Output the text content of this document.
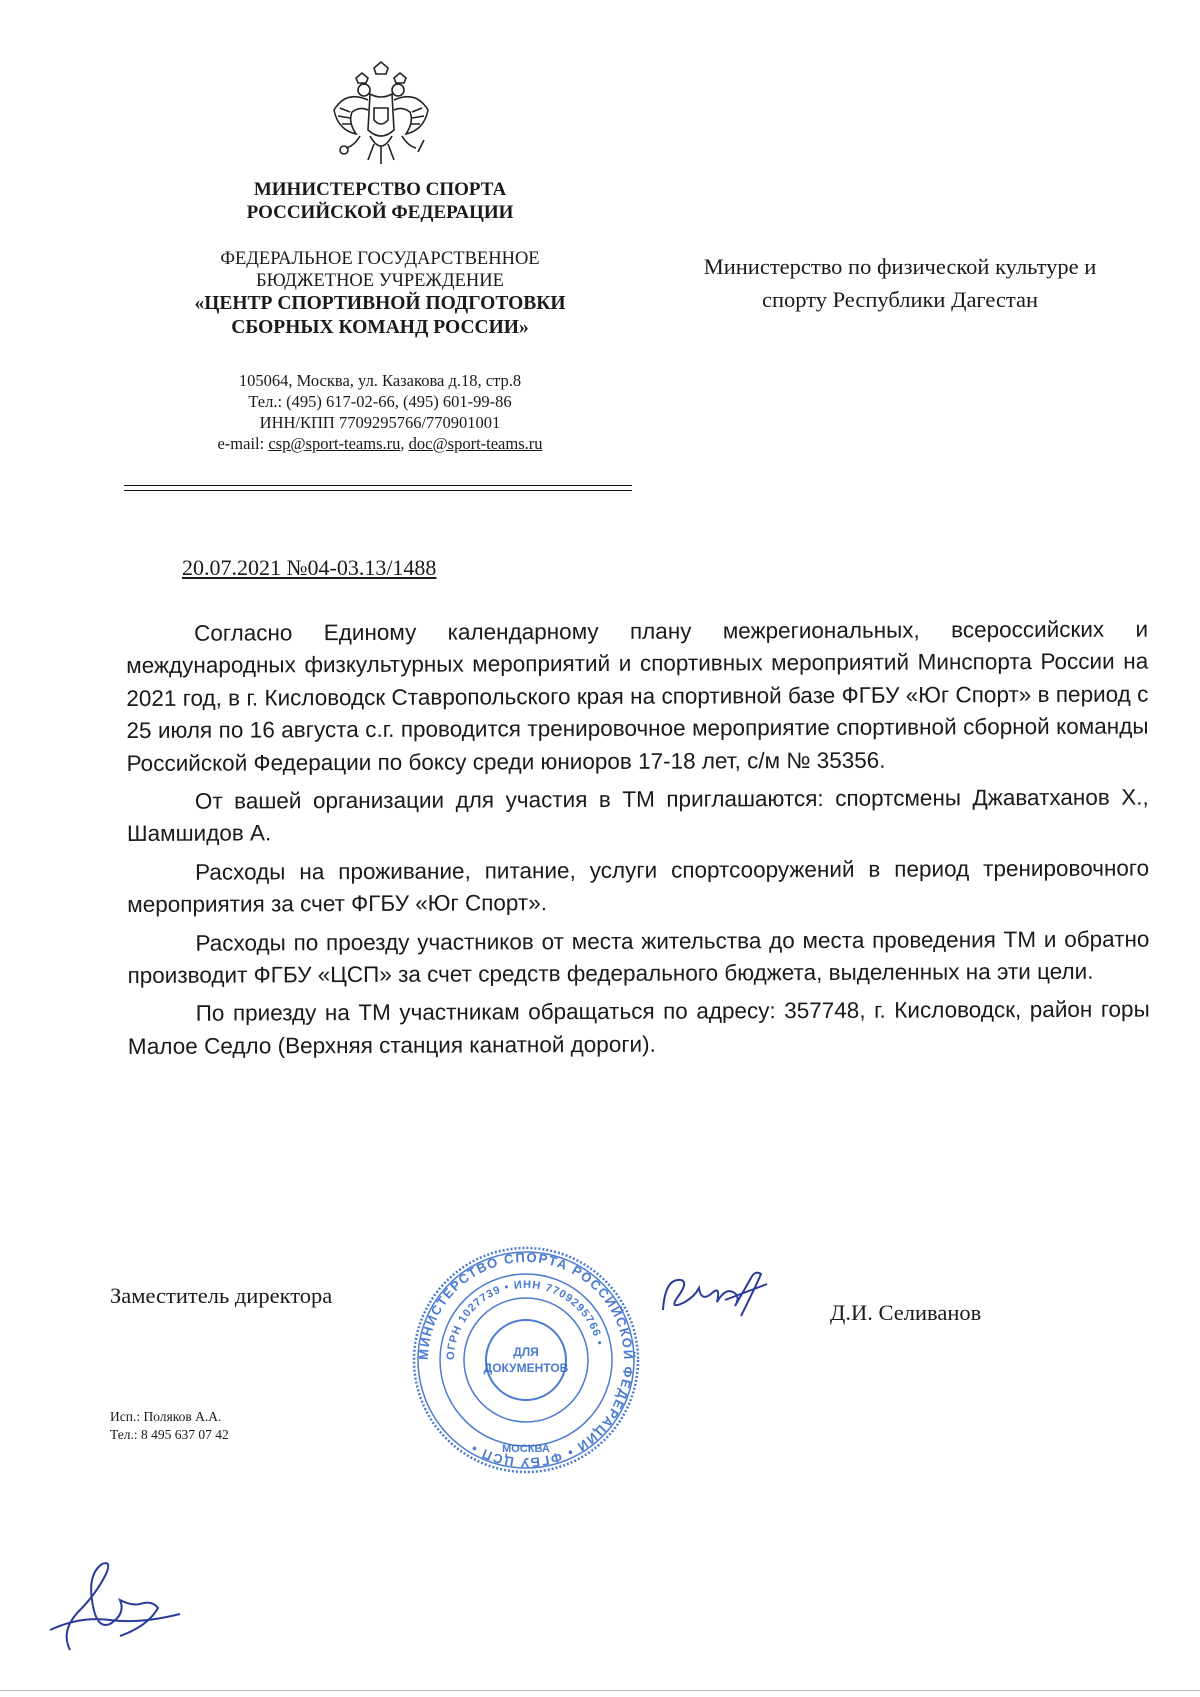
МИНИСТЕРСТВО СПОРТА
РОССИЙСКОЙ ФЕДЕРАЦИИ
ФЕДЕРАЛЬНОЕ ГОСУДАРСТВЕННОЕ
БЮДЖЕТНОЕ УЧРЕЖДЕНИЕ
«ЦЕНТР СПОРТИВНОЙ ПОДГОТОВКИ
СБОРНЫХ КОМАНД РОССИИ»
105064, Москва, ул. Казакова д.18, стр.8
Тел.: (495) 617-02-66, (495) 601-99-86
ИНН/КПП 7709295766/770901001
e-mail: csp@sport-teams.ru, doc@sport-teams.ru
Министерство по физической культуре и
спорту Республики Дагестан
20.07.2021 №04-03.13/1488

Согласно Единому календарному плану межрегиональных, всероссийских и международных физкультурных мероприятий и спортивных мероприятий Минспорта России на 2021 год, в г. Кисловодск Ставропольского края на спортивной базе ФГБУ «Юг Спорт» в период с 25 июля по 16 августа с.г. проводится тренировочное мероприятие спортивной сборной команды Российской Федерации по боксу среди юниоров 17-18 лет, с/м № 35356.

От вашей организации для участия в ТМ приглашаются: спортсмены Джаватханов Х., Шамшидов А.

Расходы на проживание, питание, услуги спортсооружений в период тренировочного мероприятия за счет ФГБУ «Юг Спорт».

Расходы по проезду участников от места жительства до места проведения ТМ и обратно производит ФГБУ «ЦСП» за счет средств федерального бюджета, выделенных на эти цели.

По приезду на ТМ участникам обращаться по адресу: 357748, г. Кисловодск, район горы Малое Седло (Верхняя станция канатной дороги).

Заместитель директора
МИНИСТЕРСТВО СПОРТА РОССИЙСКОЙ ФЕДЕРАЦИИ • ФГБУ ЦСП •
ОГРН 1027739 • ИНН 7709295766 •
ДЛЯ
ДОКУМЕНТОВ
МОСКВА
Д.И. Селиванов
Исп.: Поляков А.А.
Тел.: 8 495 637 07 42
